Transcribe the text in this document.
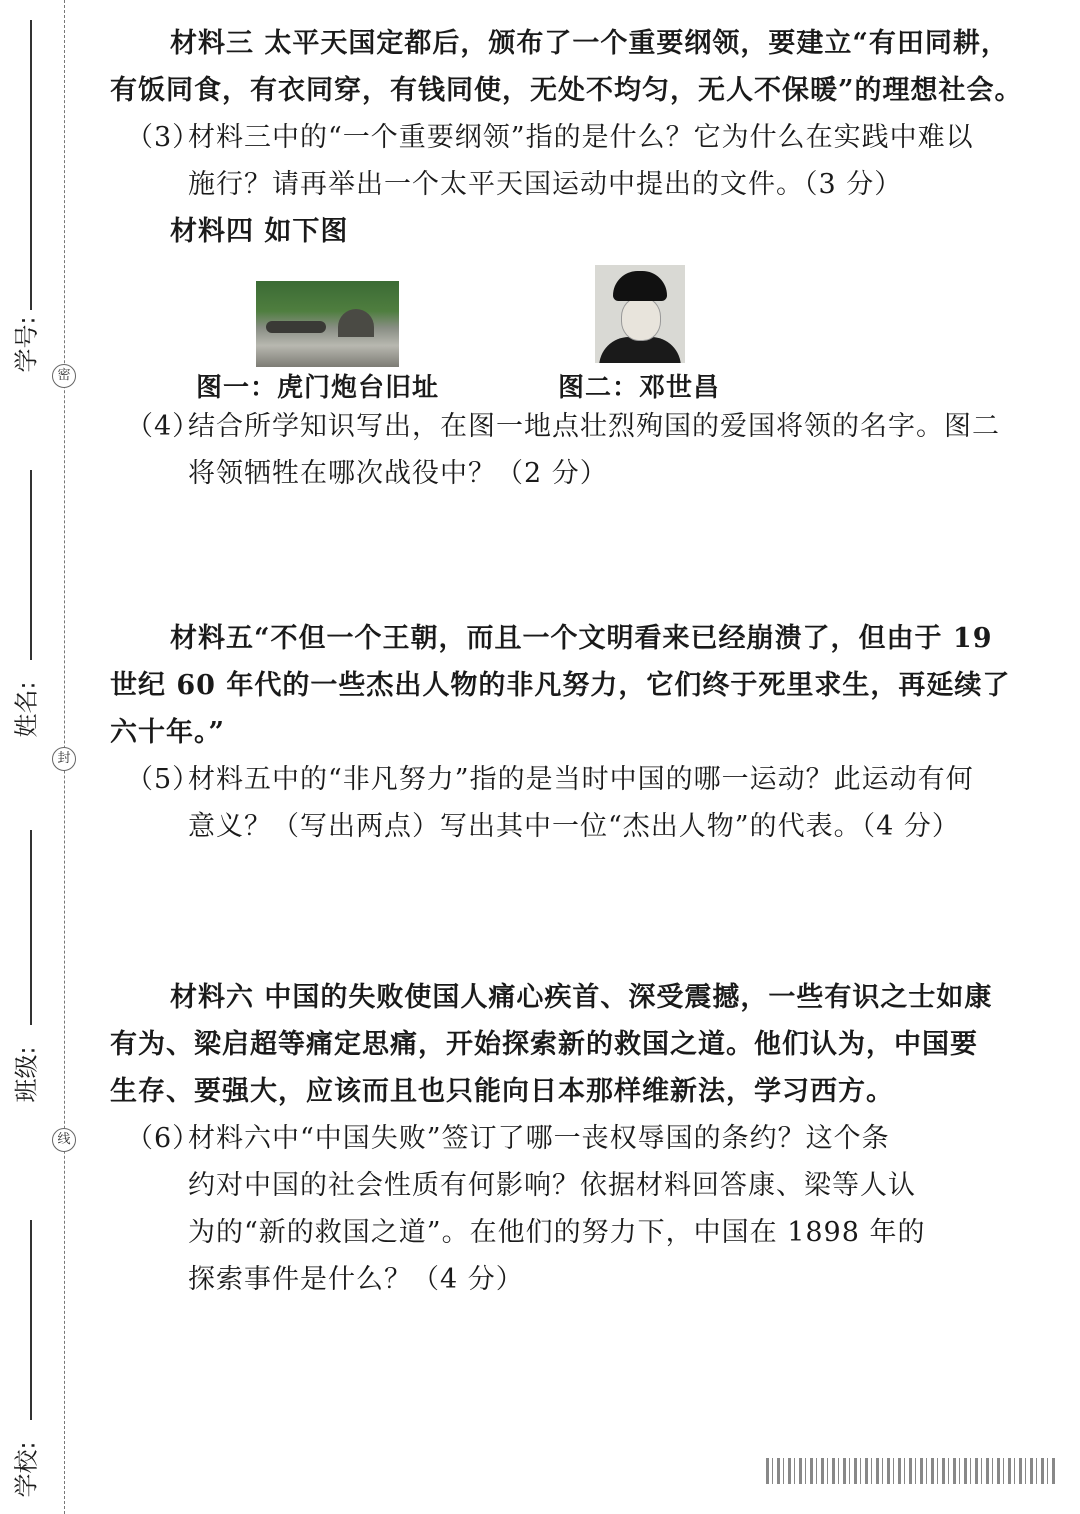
学号:
姓名:
班级:
学校:
密
封
线

材料三 太平天国定都后，颁布了一个重要纲领，要建立“有田同耕，

有饭同食，有衣同穿，有钱同使，无处不均匀，无人不保暖”的理想社会。

（3）材料三中的“一个重要纲领”指的是什么？它为什么在实践中难以

施行？请再举出一个太平天国运动中提出的文件。（3 分）

材料四 如下图

图一：虎门炮台旧址	图二：邓世昌

（4）结合所学知识写出，在图一地点壮烈殉国的爱国将领的名字。图二

将领牺牲在哪次战役中？（2 分）

材料五“不但一个王朝，而且一个文明看来已经崩溃了，但由于 19

世纪 60 年代的一些杰出人物的非凡努力，它们终于死里求生，再延续了

六十年。”

（5）材料五中的“非凡努力”指的是当时中国的哪一运动？此运动有何

意义？（写出两点）写出其中一位“杰出人物”的代表。（4 分）

材料六 中国的失败使国人痛心疾首、深受震撼，一些有识之士如康

有为、梁启超等痛定思痛，开始探索新的救国之道。他们认为，中国要

生存、要强大，应该而且也只能向日本那样维新法，学习西方。

（6）材料六中“中国失败”签订了哪一丧权辱国的条约？这个条

约对中国的社会性质有何影响？依据材料回答康、梁等人认

为的“新的救国之道”。在他们的努力下，中国在 1898 年的

探索事件是什么？（4 分）
